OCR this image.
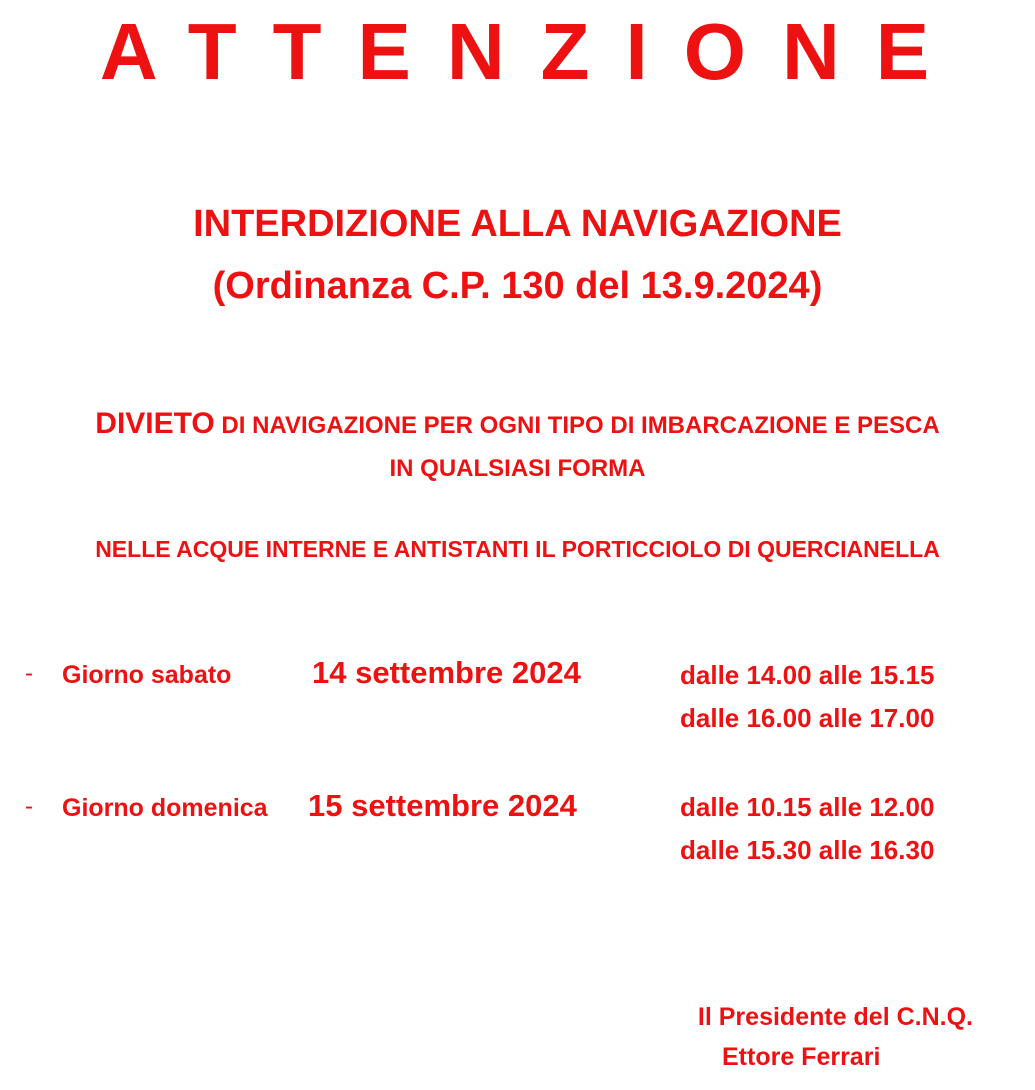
ATTENZIONE
INTERDIZIONE ALLA NAVIGAZIONE
(Ordinanza C.P. 130 del 13.9.2024)
DIVIETO DI NAVIGAZIONE PER OGNI TIPO DI IMBARCAZIONE E PESCA
IN QUALSIASI FORMA
NELLE ACQUE INTERNE E ANTISTANTI IL PORTICCIOLO DI QUERCIANELLA
- Giorno sabato	14 settembre 2024	dalle 14.00 alle 15.15
dalle 16.00 alle 17.00
- Giorno domenica 15 settembre 2024	dalle 10.15 alle 12.00
dalle 15.30 alle 16.30
Il Presidente del C.N.Q.
Ettore Ferrari
